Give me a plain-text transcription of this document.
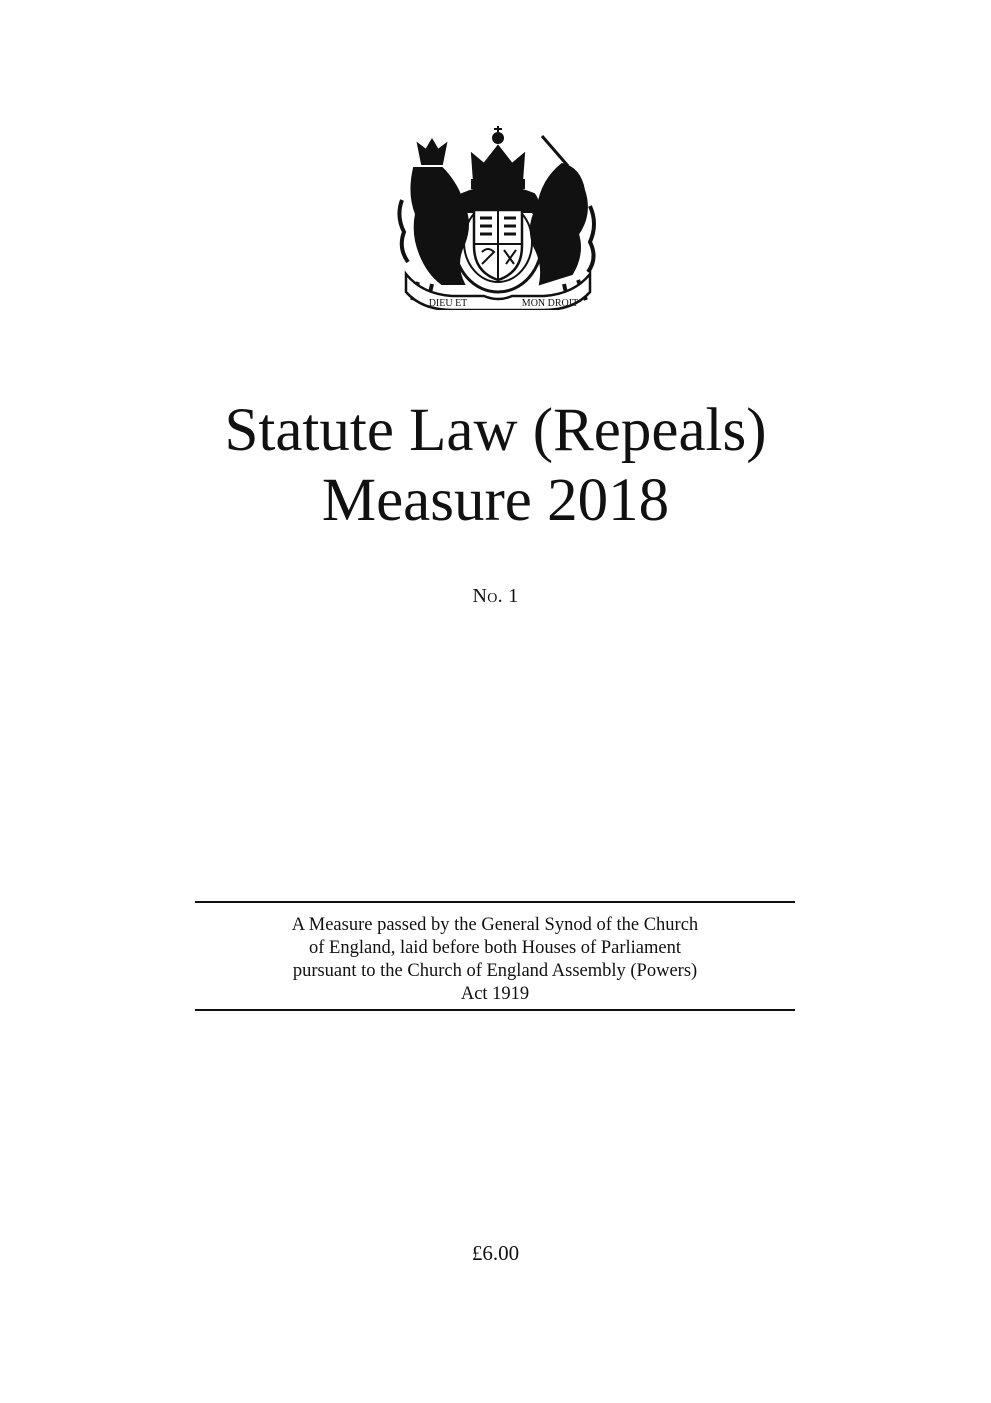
DIEU ET	MON DROIT
Statute Law (Repeals)
Measure 2018
No. 1
A Measure passed by the General Synod of the Church
of England, laid before both Houses of Parliament
pursuant to the Church of England Assembly (Powers)
Act 1919
£6.00
